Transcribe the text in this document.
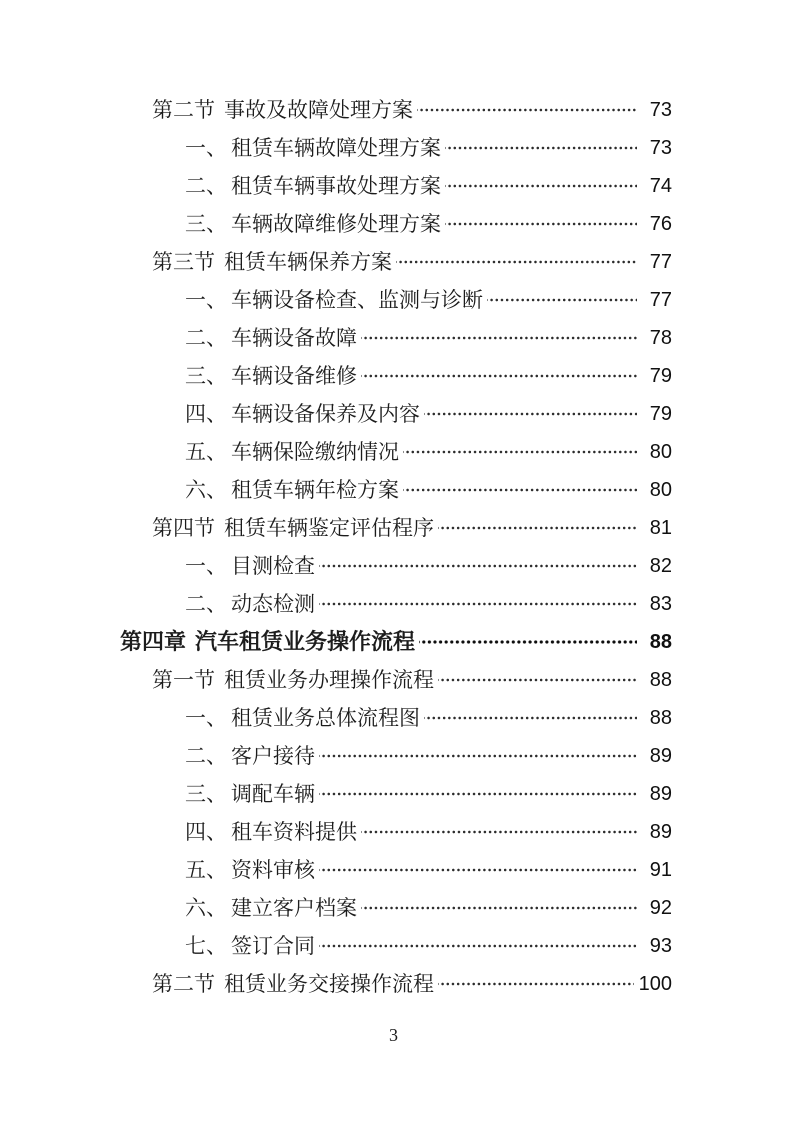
第二节 事故及故障处理方案	73
一、 租赁车辆故障处理方案	73
二、 租赁车辆事故处理方案	74
三、 车辆故障维修处理方案	76
第三节 租赁车辆保养方案	77
一、 车辆设备检查、监测与诊断	77
二、 车辆设备故障	78
三、 车辆设备维修	79
四、 车辆设备保养及内容	79
五、 车辆保险缴纳情况	80
六、 租赁车辆年检方案	80
第四节 租赁车辆鉴定评估程序	81
一、 目测检查	82
二、 动态检测	83
第四章 汽车租赁业务操作流程	88
第一节 租赁业务办理操作流程	88
一、 租赁业务总体流程图	88
二、 客户接待	89
三、 调配车辆	89
四、 租车资料提供	89
五、 资料审核	91
六、 建立客户档案	92
七、 签订合同	93
第二节 租赁业务交接操作流程	100
3
